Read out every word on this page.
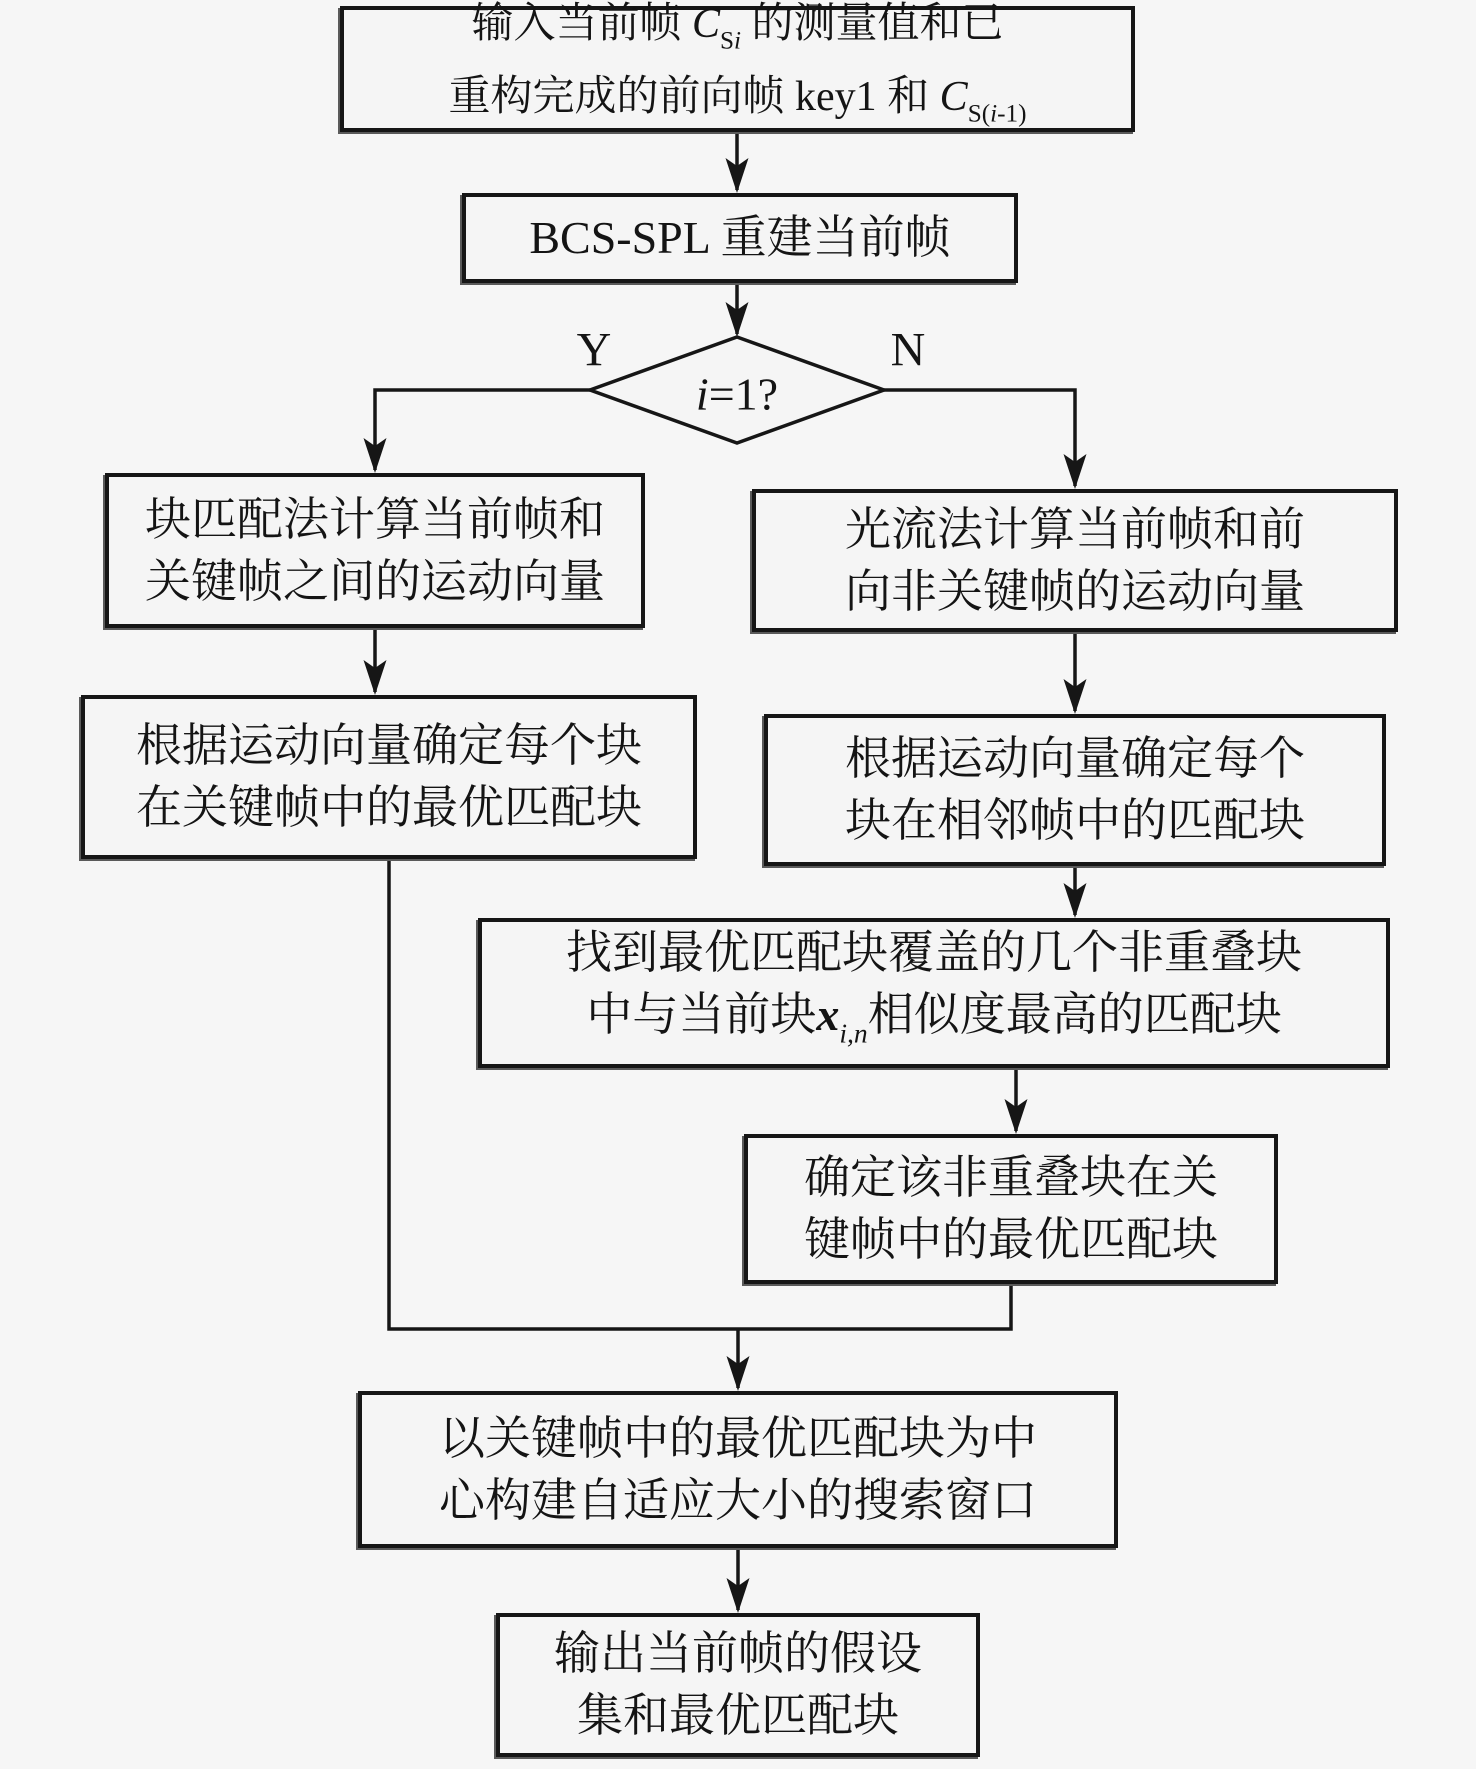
输入当前帧 $C_{Si}$ 的测量值和已
重构完成的前向帧 key1 和 $C_{S(i-1)}$
BCS-SPL 重建当前帧
i=1?
Y	N
块匹配法计算当前帧和
关键帧之间的运动向量
光流法计算当前帧和前
向非关键帧的运动向量
根据运动向量确定每个块
在关键帧中的最优匹配块
根据运动向量确定每个
块在相邻帧中的匹配块
找到最优匹配块覆盖的几个非重叠块
中与当前块$x_{i,n}$相似度最高的匹配块
确定该非重叠块在关
键帧中的最优匹配块
以关键帧中的最优匹配块为中
心构建自适应大小的搜索窗口
输出当前帧的假设
集和最优匹配块
